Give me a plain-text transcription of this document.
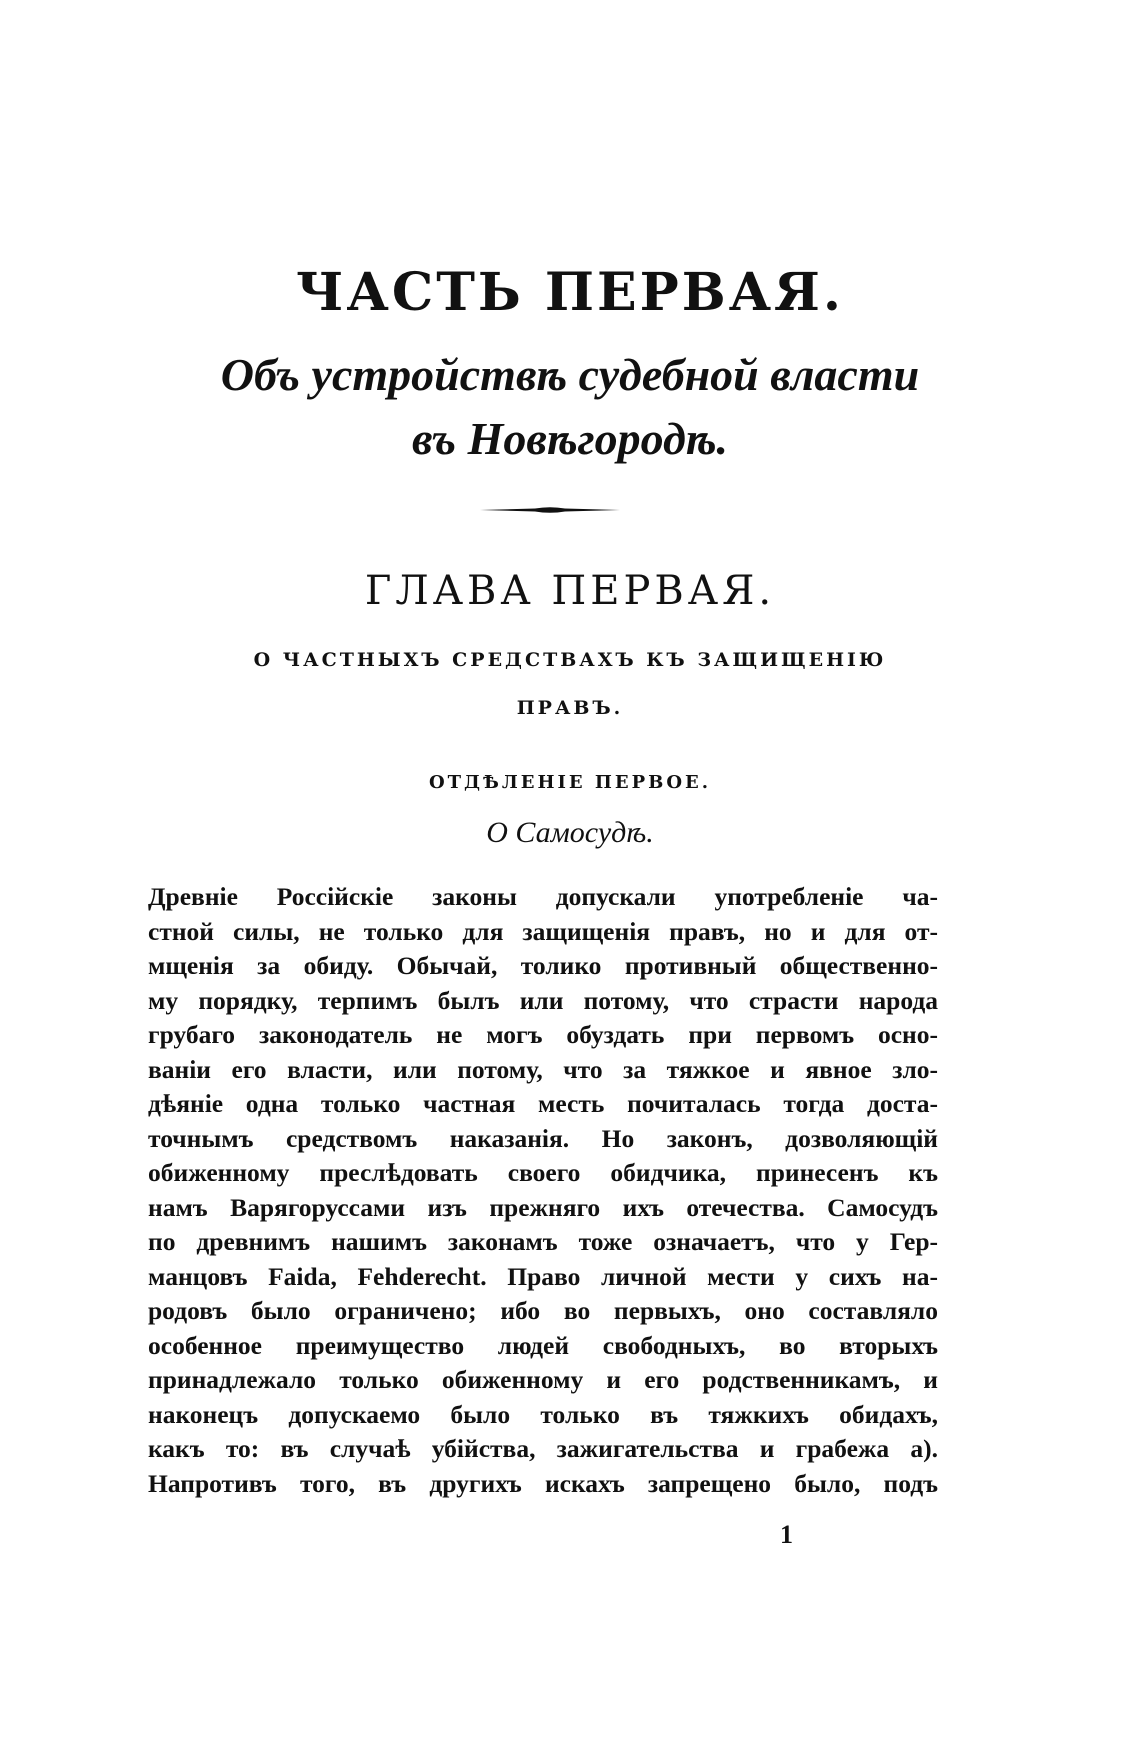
ЧАСТЬ ПЕРВАЯ.
Объ устройствѣ судебной власти
въ Новѣгородѣ.
ГЛАВА ПЕРВАЯ.
О ЧАСТНЫХЪ СРЕДСТВАХЪ КЪ ЗАЩИЩЕНІЮ
ПРАВЪ.
ОТДѢЛЕНІЕ ПЕРВОЕ.
О Самосудѣ.
Древніе Россійскіе законы допускали употребленіе ча-
стной силы, не только для защищенія правъ, но и для от-
мщенія за обиду. Обычай, толико противный общественно-
му порядку, терпимъ былъ или потому, что страсти народа
грубаго законодатель не могъ обуздать при первомъ осно-
ваніи его власти, или потому, что за тяжкое и явное зло-
дѣяніе одна только частная месть почиталась тогда доста-
точнымъ средствомъ наказанія. Но законъ, дозволяющій
обиженному преслѣдовать своего обидчика, принесенъ къ
намъ Варягоруссами изъ прежняго ихъ отечества. Самосудъ
по древнимъ нашимъ законамъ тоже означаетъ, что у Гер-
манцовъ Faida, Fehderecht. Право личной мести у сихъ на-
родовъ было ограничено; ибо во первыхъ, оно составляло
особенное преимущество людей свободныхъ, во вторыхъ
принадлежало только обиженному и его родственникамъ, и
наконецъ допускаемо было только въ тяжкихъ обидахъ,
какъ то: въ случаѣ убійства, зажигательства и грабежа а).
Напротивъ того, въ другихъ искахъ запрещено было, подъ
1
